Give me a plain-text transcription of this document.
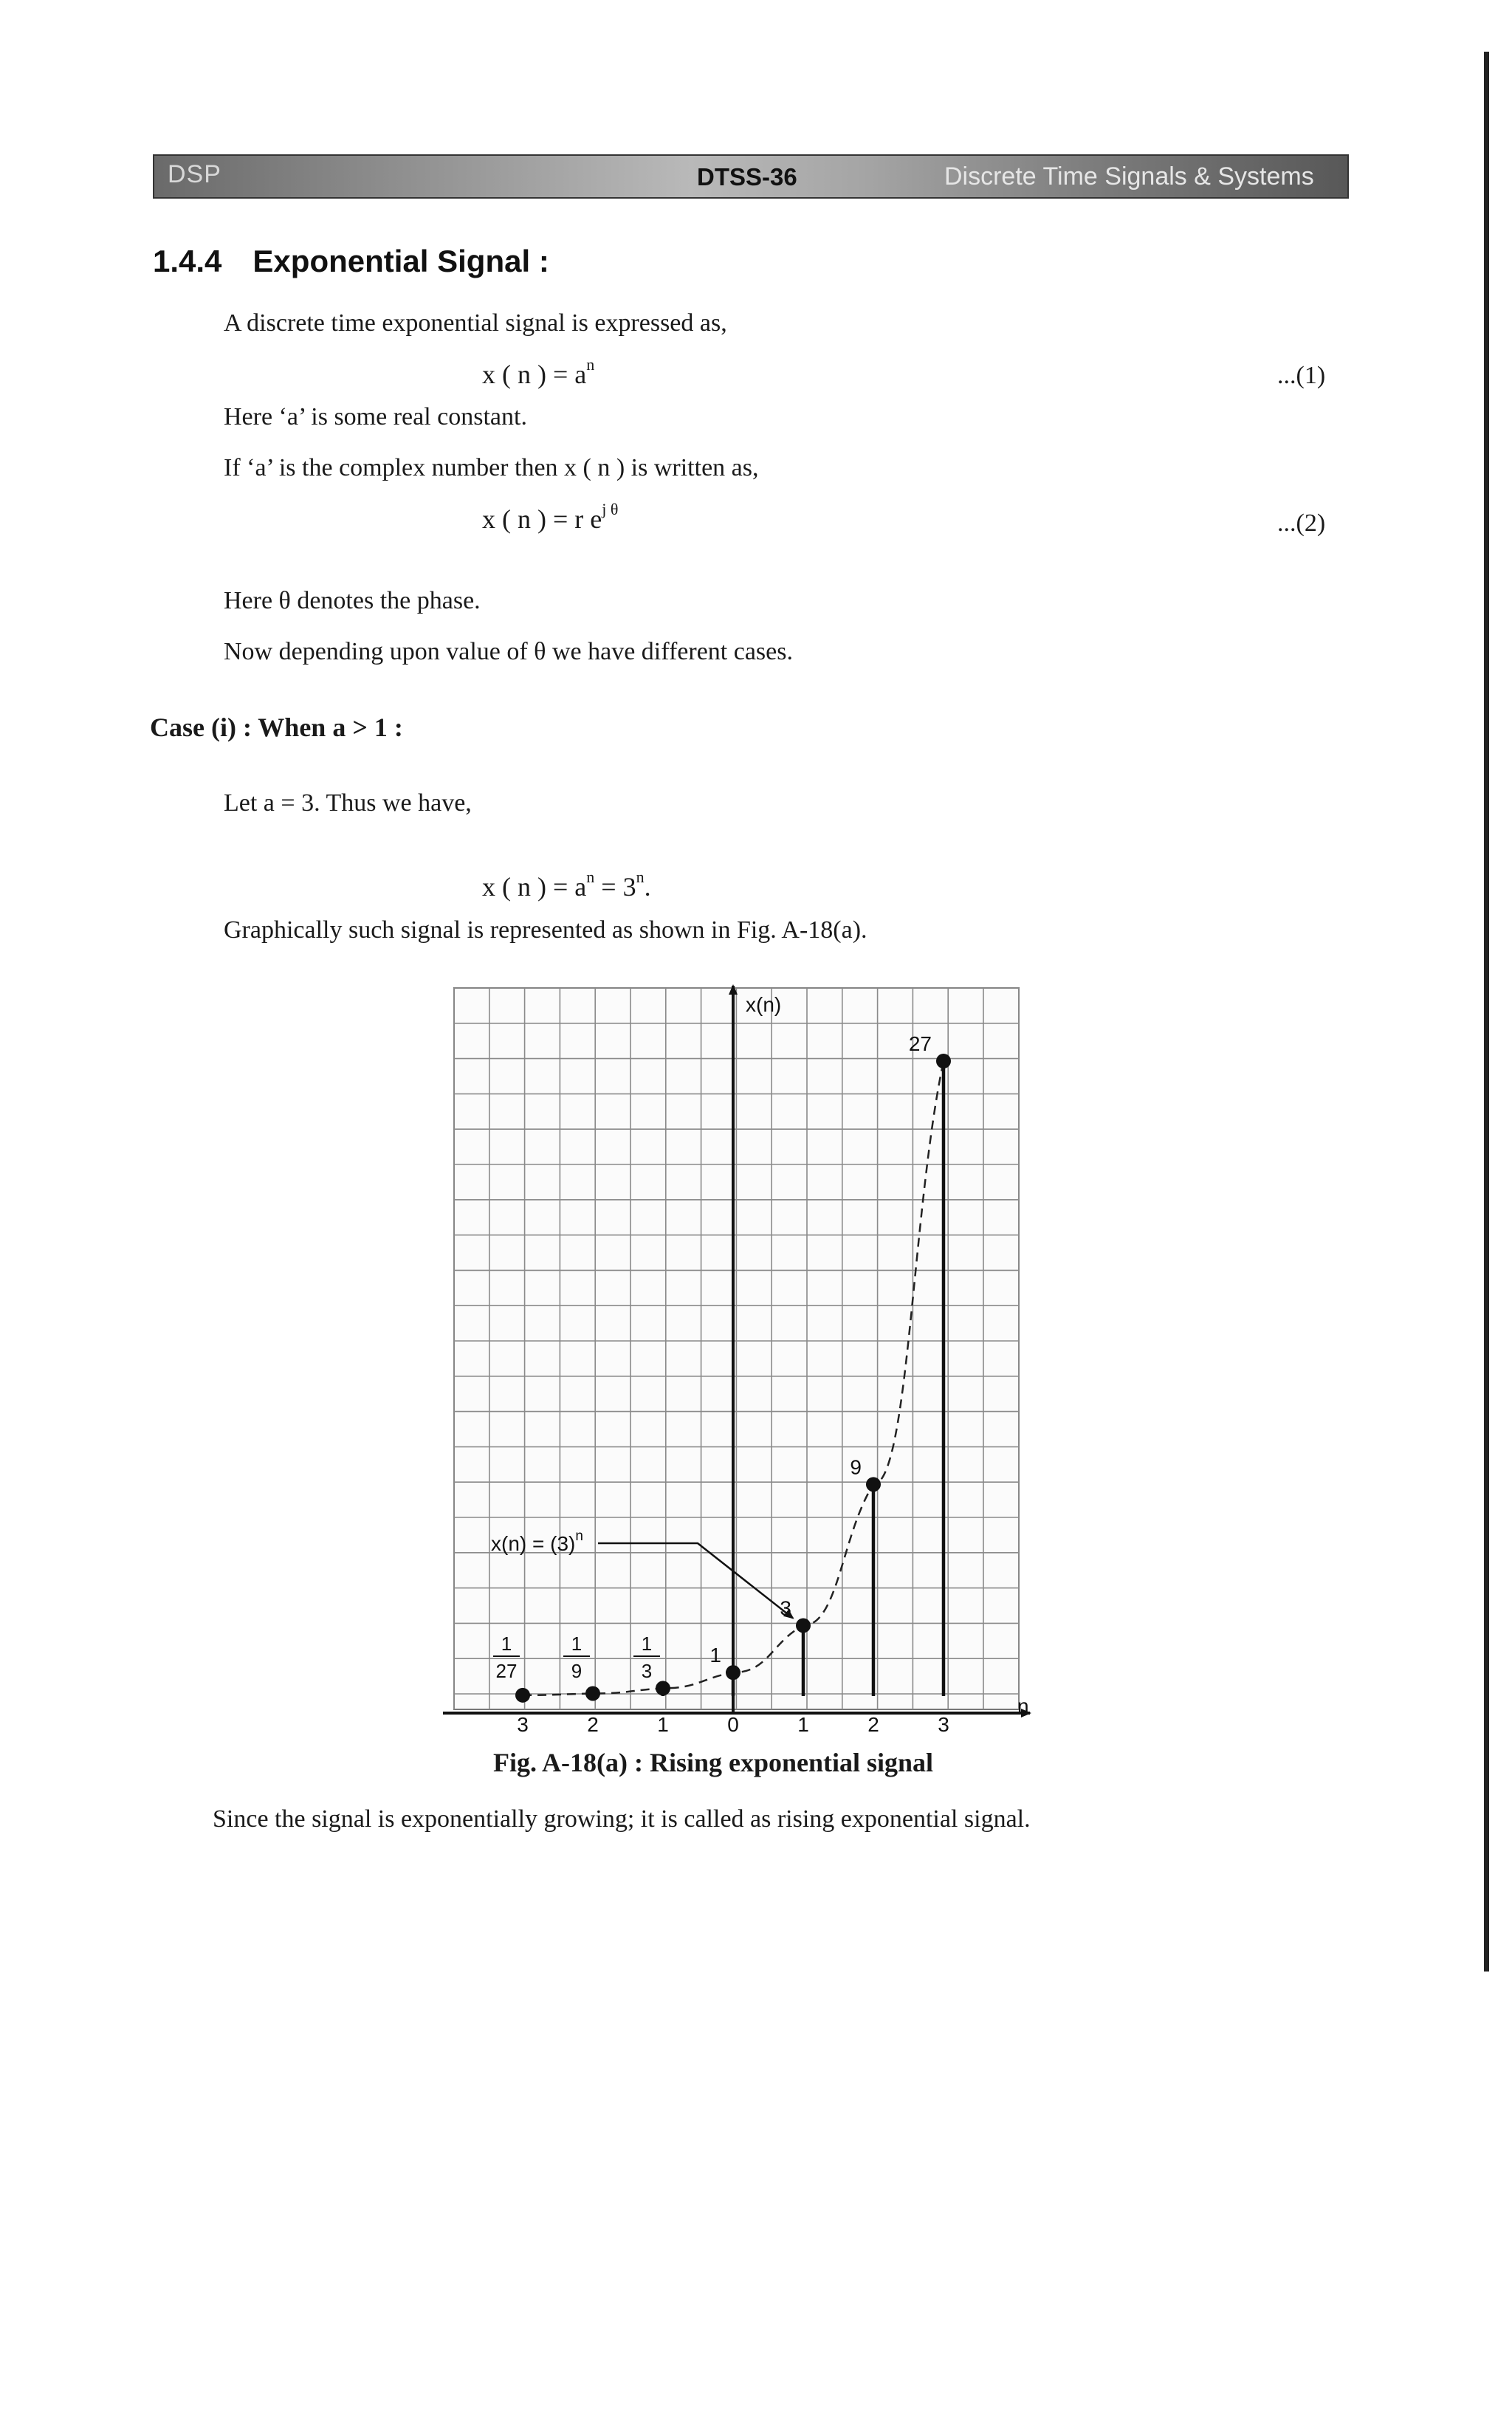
DSP	DTSS-36	Discrete Time Signals & Systems
1.4.4 Exponential Signal :
A discrete time exponential signal is expressed as,
x ( n ) = $a^n$	...(1)
Here ‘a’ is some real constant.
If ‘a’ is the complex number then x ( n ) is written as,
x ( n ) = r $e^{j \theta}$
...(2)
Here θ denotes the phase.
Now depending upon value of θ we have different cases.
Case (i) : When a > 1 :
Let a = 3. Thus we have,
x ( n ) = $a^n = 3^n$.
Graphically such signal is represented as shown in Fig. A-18(a).
x(n)
n
3	2	1	0	1	2	3
1
27
1
9
1
3
1
3
9
27
$x(n) = (3)^n$
Fig. A-18(a) : Rising exponential signal
Since the signal is exponentially growing; it is called as rising exponential signal.
